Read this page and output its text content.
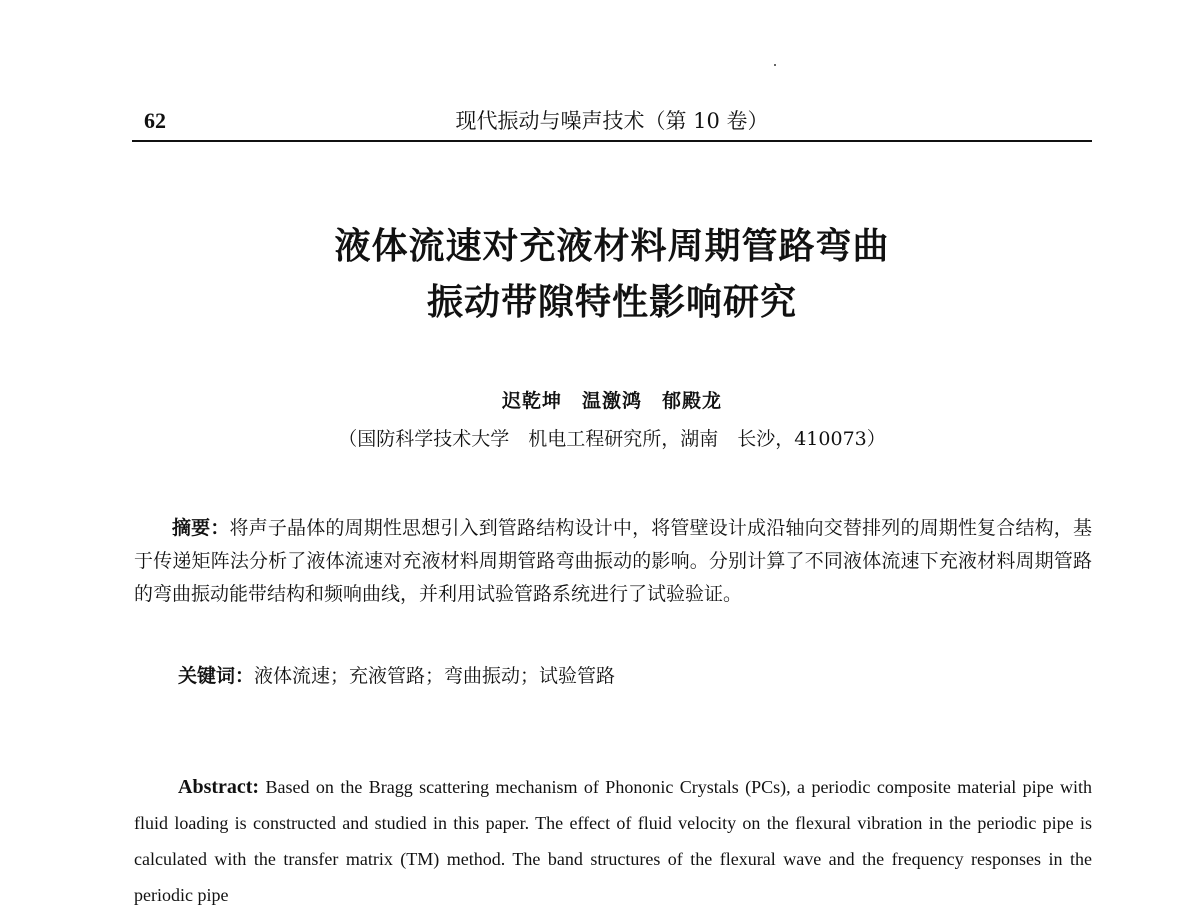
62	现代振动与噪声技术（第 10 卷）
液体流速对充液材料周期管路弯曲
振动带隙特性影响研究
迟乾坤　温激鸿　郁殿龙
（国防科学技术大学　机电工程研究所，湖南　长沙，410073）

摘要：将声子晶体的周期性思想引入到管路结构设计中，将管壁设计成沿轴向交替排列的周期性复合结构，基于传递矩阵法分析了液体流速对充液材料周期管路弯曲振动的影响。分别计算了不同液体流速下充液材料周期管路的弯曲振动能带结构和频响曲线，并利用试验管路系统进行了试验验证。

关键词：液体流速；充液管路；弯曲振动；试验管路

Abstract: Based on the Bragg scattering mechanism of Phononic Crystals (PCs), a periodic composite material pipe with fluid loading is constructed and studied in this paper. The effect of fluid velocity on the flexural vibration in the periodic pipe is calculated with the transfer matrix (TM) method. The band structures of the flexural wave and the frequency responses in the periodic pipe
